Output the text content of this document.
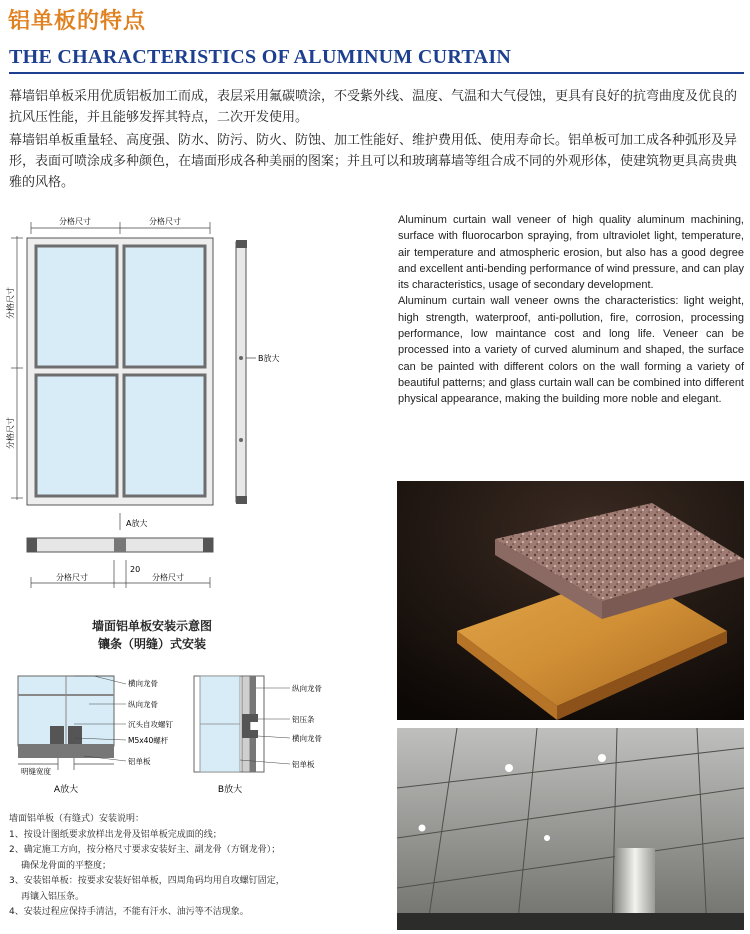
铝单板的特点
THE CHARACTERISTICS OF ALUMINUM CURTAIN
幕墙铝单板采用优质铝板加工而成，表层采用氟碳喷涂，不受紫外线、温度、气温和大气侵蚀，更具有良好的抗弯曲度及优良的抗风压性能，并且能够发挥其特点，二次开发使用。
幕墙铝单板重量轻、高度强、防水、防污、防火、防蚀、加工性能好、维护费用低、使用寿命长。铝单板可加工成各种弧形及异形，表面可喷涂成多种颜色，在墙面形成各种美丽的图案；并且可以和玻璃幕墙等组合成不同的外观形体，使建筑物更具高贵典雅的风格。

Aluminum curtain wall veneer of high quality aluminum machining, surface with fluorocarbon spraying, from ultraviolet light, temperature, air temperature and atmospheric erosion, but also has a good degree and excellent anti-bending performance of wind pressure, and can play its characteristics, usage of secondary development.

Aluminum curtain wall veneer owns the characteristics: light weight, high strength, waterproof, anti-pollution, fire, corrosion, processing performance, low maintance cost and long life. Veneer can be processed into a variety of curved aluminum and shaped, the surface can be painted with different colors on the wall forming a variety of beautiful patterns; and glass curtain wall can be combined into different physical appearance, making the building more noble and elegant.

分格尺寸	分格尺寸
分格尺寸
分格尺寸
B放大
A放大
分格尺寸	分格尺寸
20
墙面铝单板安装示意图
镶条（明缝）式安装
明缝宽度
横向龙骨
纵向龙骨
沉头自攻螺钉
M5x40螺杆
铝单板
A放大
纵向龙骨
铝压条
横向龙骨
铝单板
B放大
墙面铝单板（有缝式）安装说明：
1、按设计图纸要求放样出龙骨及铝单板完成面的线；
2、确定施工方向，按分格尺寸要求安装好主、副龙骨（方钢龙骨）；
确保龙骨面的平整度；
3、安装铝单板：按要求安装好铝单板，四周角码均用自攻螺钉固定，
再镶入铝压条。
4、安装过程应保持手清洁，不能有汗水、油污等不洁现象。
